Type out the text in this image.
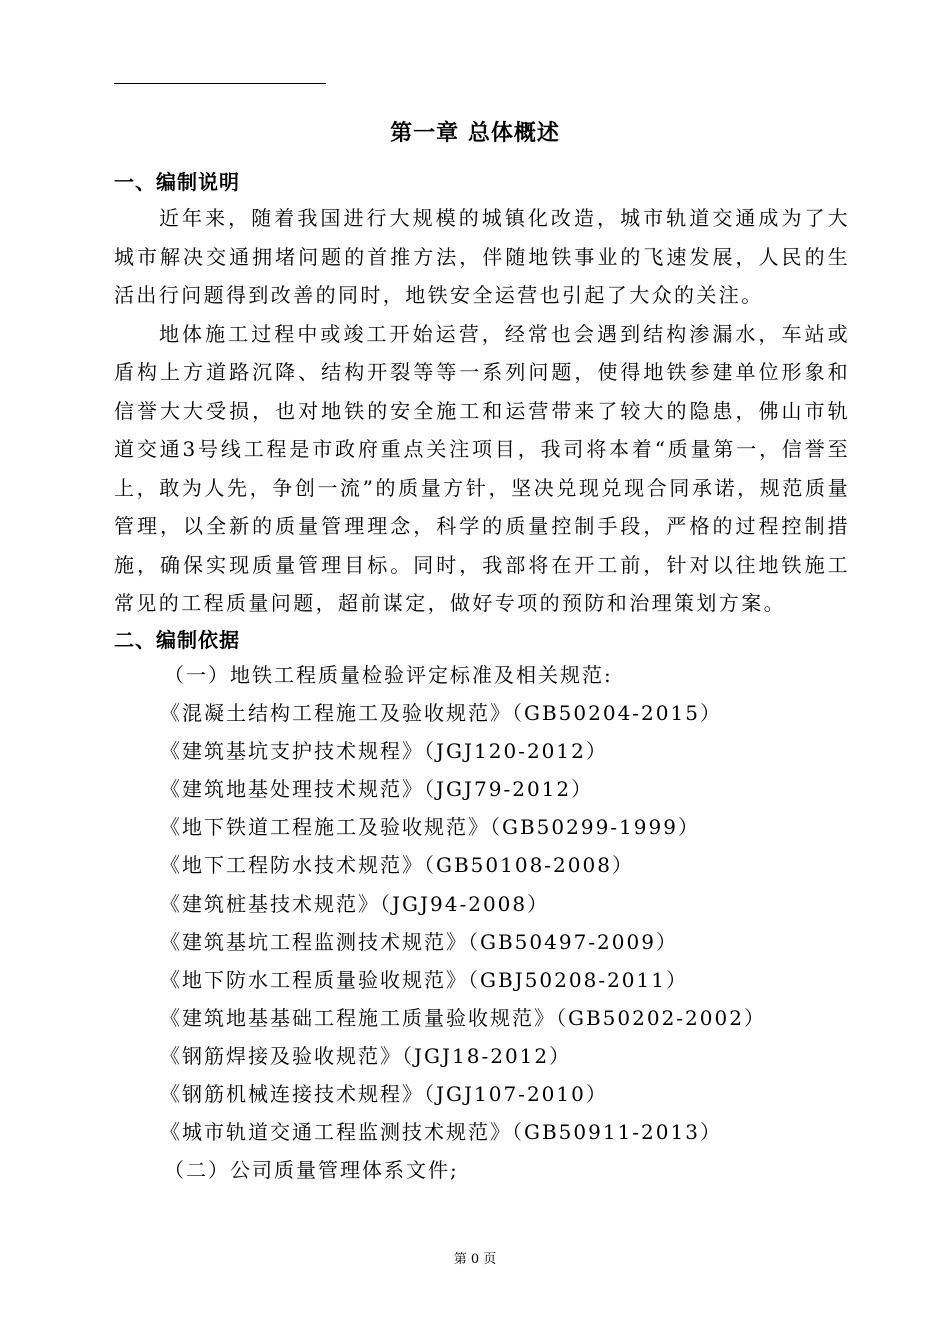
第一章 总体概述
一、编制说明

近年来，随着我国进行大规模的城镇化改造，城市轨道交通成为了大城市解决交通拥堵问题的首推方法，伴随地铁事业的飞速发展，人民的生活出行问题得到改善的同时，地铁安全运营也引起了大众的关注。

地体施工过程中或竣工开始运营，经常也会遇到结构渗漏水，车站或盾构上方道路沉降、结构开裂等等一系列问题，使得地铁参建单位形象和信誉大大受损，也对地铁的安全施工和运营带来了较大的隐患，佛山市轨道交通3号线工程是市政府重点关注项目，我司将本着“质量第一，信誉至上，敢为人先，争创一流”的质量方针，坚决兑现兑现合同承诺，规范质量管理，以全新的质量管理理念，科学的质量控制手段，严格的过程控制措施，确保实现质量管理目标。同时，我部将在开工前，针对以往地铁施工常见的工程质量问题，超前谋定，做好专项的预防和治理策划方案。

二、编制依据
（一）地铁工程质量检验评定标准及相关规范:
《混凝土结构工程施工及验收规范》（GB50204-2015）
《建筑基坑支护技术规程》（JGJ120-2012）
《建筑地基处理技术规范》（JGJ79-2012）
《地下铁道工程施工及验收规范》（GB50299-1999）
《地下工程防水技术规范》（GB50108-2008）
《建筑桩基技术规范》（JGJ94-2008）
《建筑基坑工程监测技术规范》（GB50497-2009）
《地下防水工程质量验收规范》（GBJ50208-2011）
《建筑地基基础工程施工质量验收规范》（GB50202-2002）
《钢筋焊接及验收规范》（JGJ18-2012）
《钢筋机械连接技术规程》（JGJ107-2010）
《城市轨道交通工程监测技术规范》（GB50911-2013）
（二）公司质量管理体系文件;
第 0 页
